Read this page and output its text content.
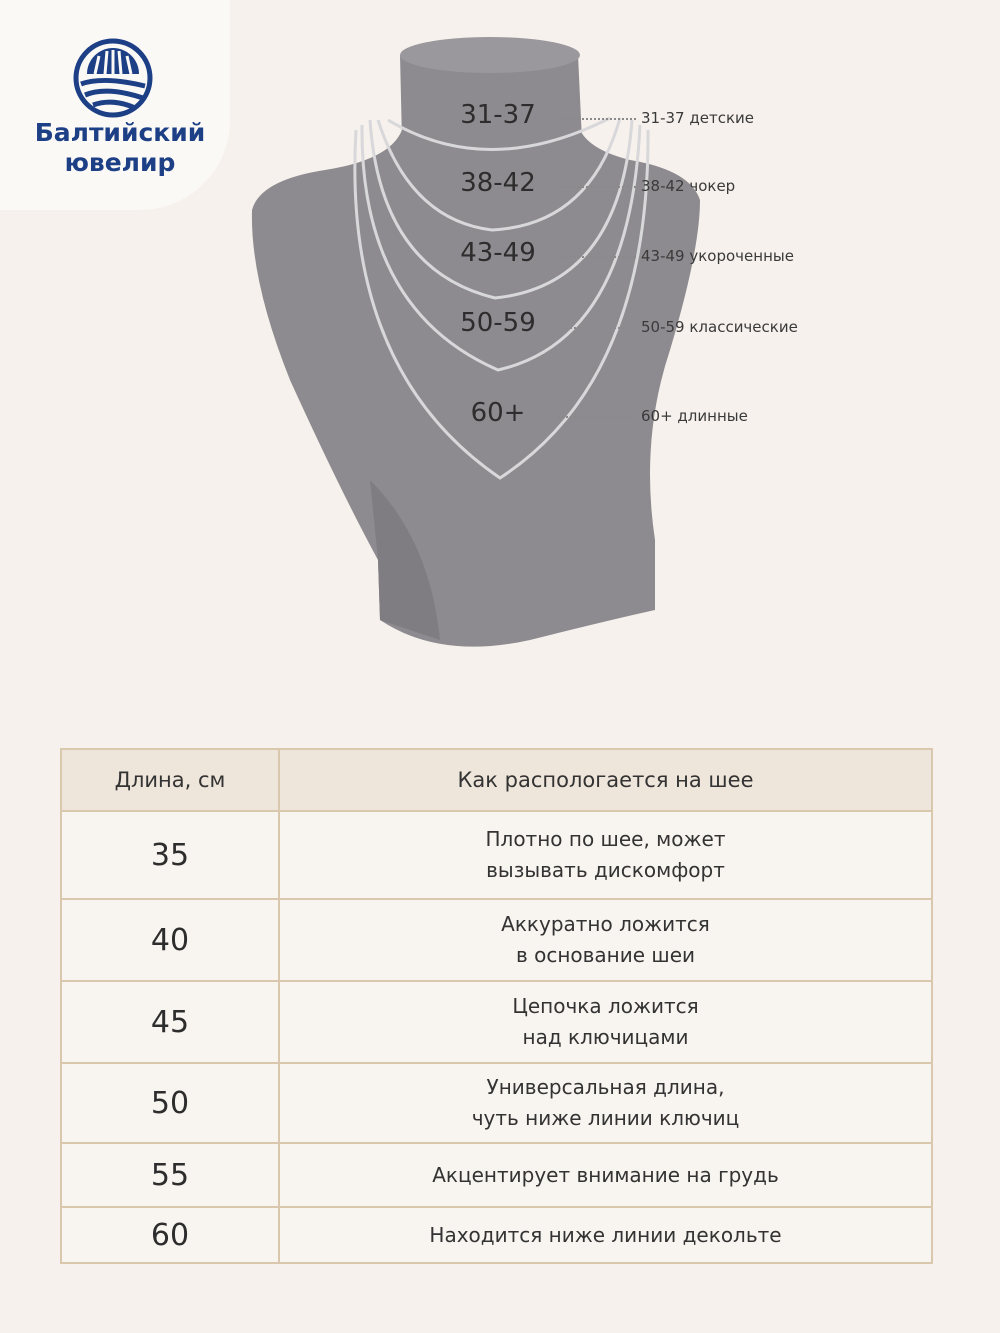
Балтийский
ювелир
31-37
38-42
43-49
50-59
60+
31-37 детские
38-42 чокер
43-49 укороченные
50-59 классические
60+ длинные
Длина, см	Как распологается на шее
35	Плотно по шее, может
вызывать дискомфорт

40	Аккуратно ложится
в основание шеи

45	Цепочка ложится
над ключицами

50	Универсальная длина,
чуть ниже линии ключиц

55	Акцентирует внимание на грудь

60	Находится ниже линии декольте
